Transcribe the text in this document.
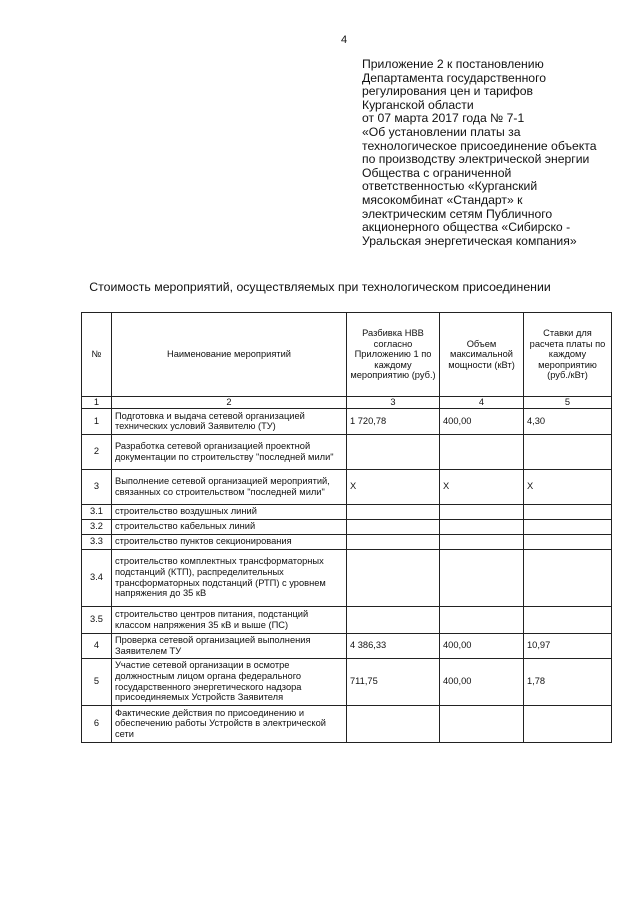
4
Приложение 2 к постановлению
Департамента государственного
регулирования цен и тарифов
Курганской области
от 07 марта 2017 года № 7-1
«Об установлении платы за
технологическое присоединение объекта
по производству электрической энергии
Общества с ограниченной
ответственностью «Курганский
мясокомбинат «Стандарт» к
электрическим сетям Публичного
акционерного общества «Сибирско -
Уральская энергетическая компания»
Стоимость мероприятий, осуществляемых при технологическом присоединении
№	Наименование мероприятий	Разбивка НВВ согласно Приложению 1 по каждому мероприятию (руб.)	Объем максимальной мощности (кВт)	Ставки для расчета платы по каждому мероприятию (руб./кВт)
1	2	3	4	5
1	Подготовка и выдача сетевой организацией технических условий Заявителю (ТУ)	1 720,78	400,00	4,30
2	Разработка сетевой организацией проектной документации по строительству "последней мили"			
3	Выполнение сетевой организацией мероприятий, связанных со строительством "последней мили"	X	X	X
3.1	строительство воздушных линий			
3.2	строительство кабельных линий			
3.3	строительство пунктов секционирования			
3.4	строительство комплектных трансформаторных подстанций (КТП), распределительных трансформаторных подстанций (РТП) с уровнем напряжения до 35 кВ			
3.5	строительство центров питания, подстанций классом напряжения 35 кВ и выше (ПС)			
4	Проверка сетевой организацией выполнения Заявителем ТУ	4 386,33	400,00	10,97
5	Участие сетевой организации в осмотре должностным лицом органа федерального государственного энергетического надзора присоединяемых Устройств Заявителя	711,75	400,00	1,78
6	Фактические действия по присоединению и обеспечению работы Устройств в электрической сети			
